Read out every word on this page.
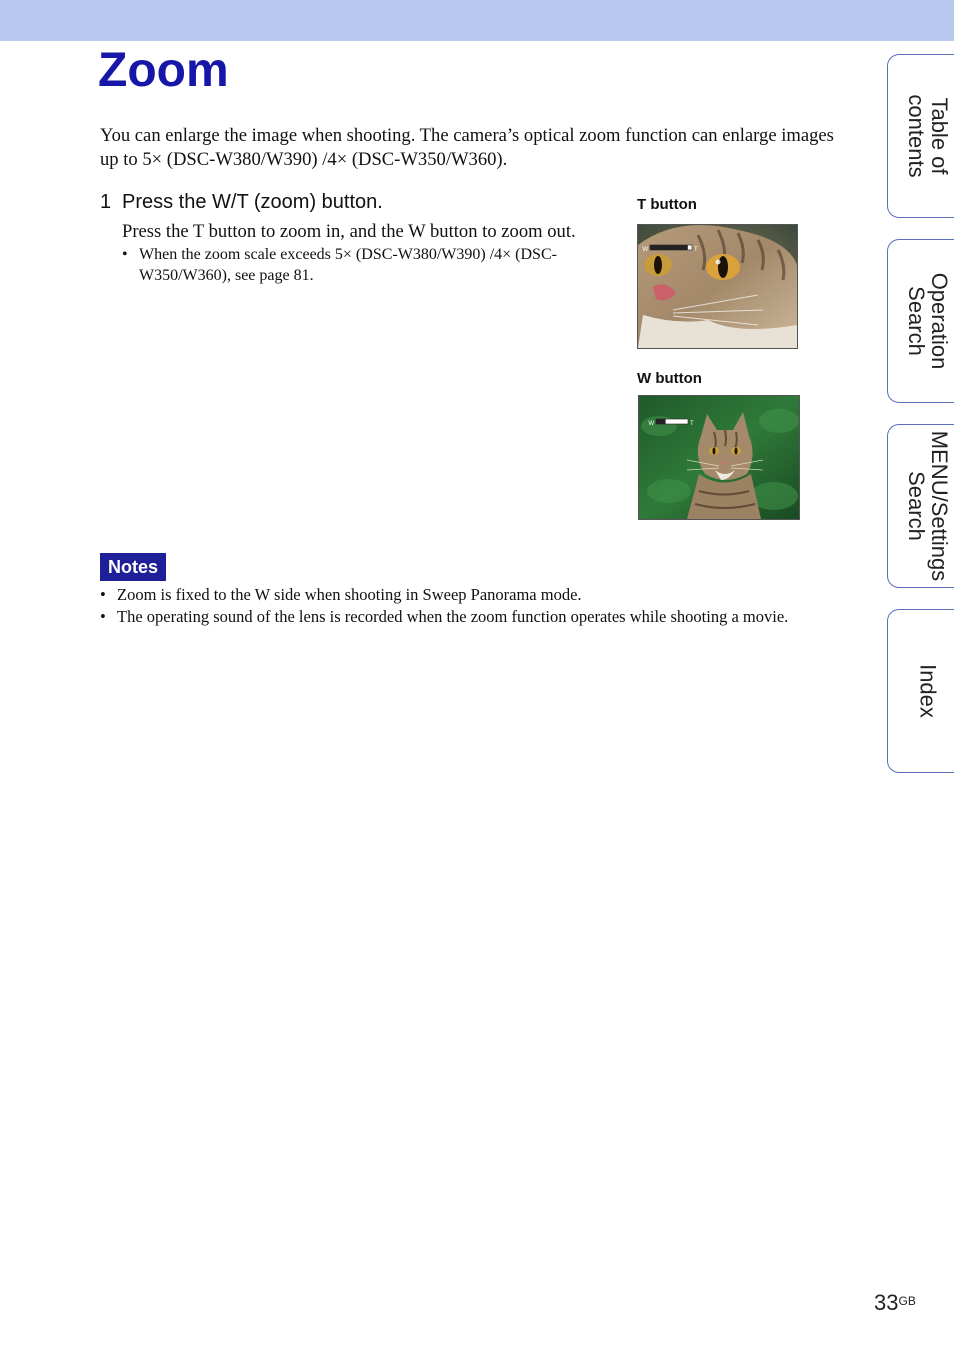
Zoom

You can enlarge the image when shooting. The camera’s optical zoom function can enlarge images up to 5× (DSC-W380/W390) /4× (DSC-W350/W360).

1 Press the W/T (zoom) button.

Press the T button to zoom in, and the W button to zoom out.

• When the zoom scale exceeds 5× (DSC-W380/W390) /4× (DSC-W350/W360), see page 81.

T button

W	T

W button

W	T
Notes
• Zoom is fixed to the W side when shooting in Sweep Panorama mode.
• The operating sound of the lens is recorded when the zoom function operates while shooting a movie.
Table of
contents
Operation
Search
MENU/Settings
Search
Index
$33^{GB}$
